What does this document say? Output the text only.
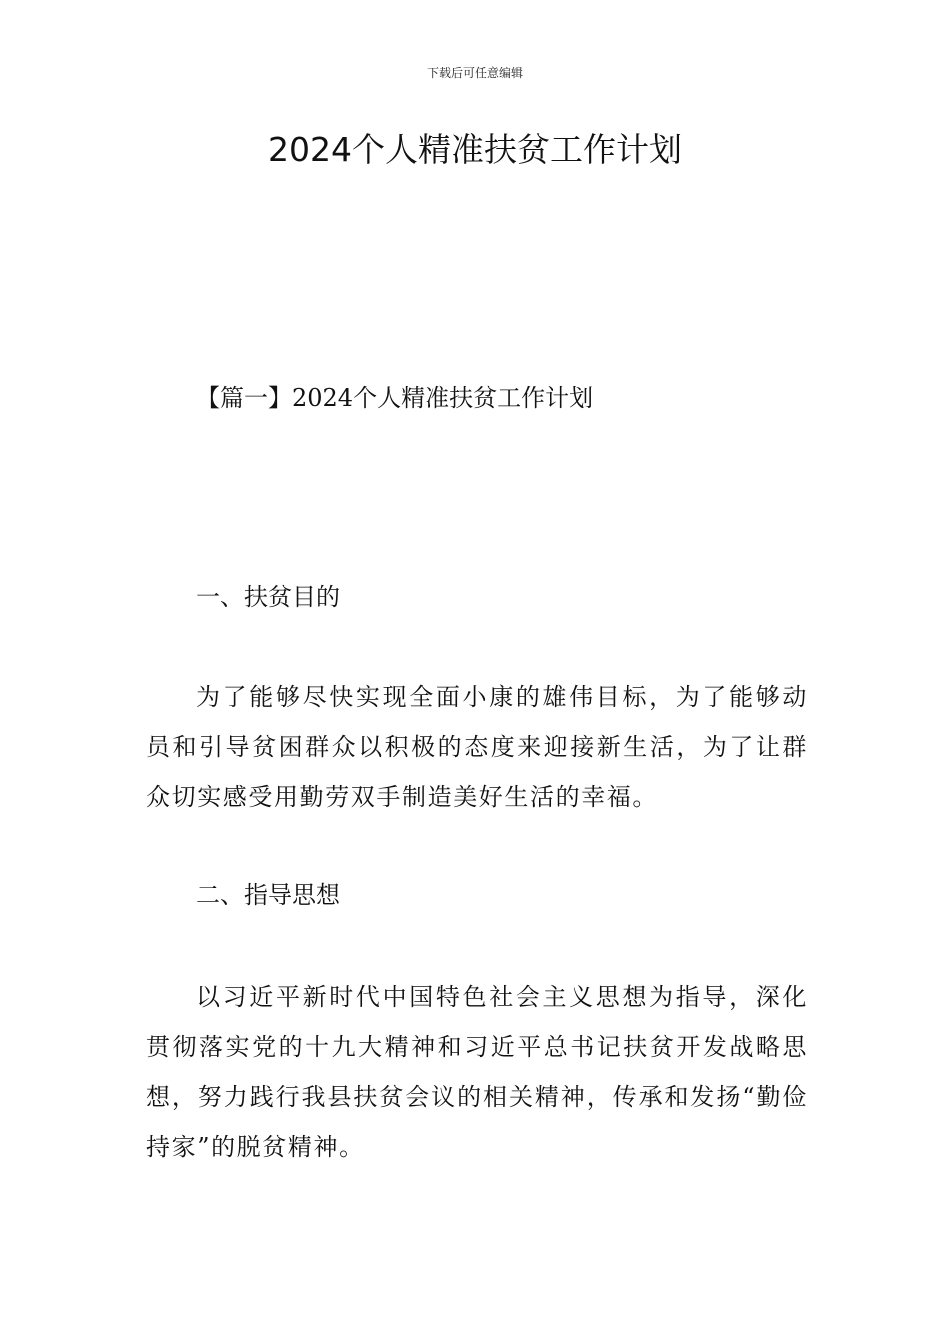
下载后可任意编辑
2024个人精准扶贫工作计划
【篇一】2024个人精准扶贫工作计划
一、扶贫目的

为了能够尽快实现全面小康的雄伟目标，为了能够动员和引导贫困群众以积极的态度来迎接新生活，为了让群众切实感受用勤劳双手制造美好生活的幸福。

二、指导思想

以习近平新时代中国特色社会主义思想为指导，深化贯彻落实党的十九大精神和习近平总书记扶贫开发战略思想，努力践行我县扶贫会议的相关精神，传承和发扬“勤俭持家”的脱贫精神。
